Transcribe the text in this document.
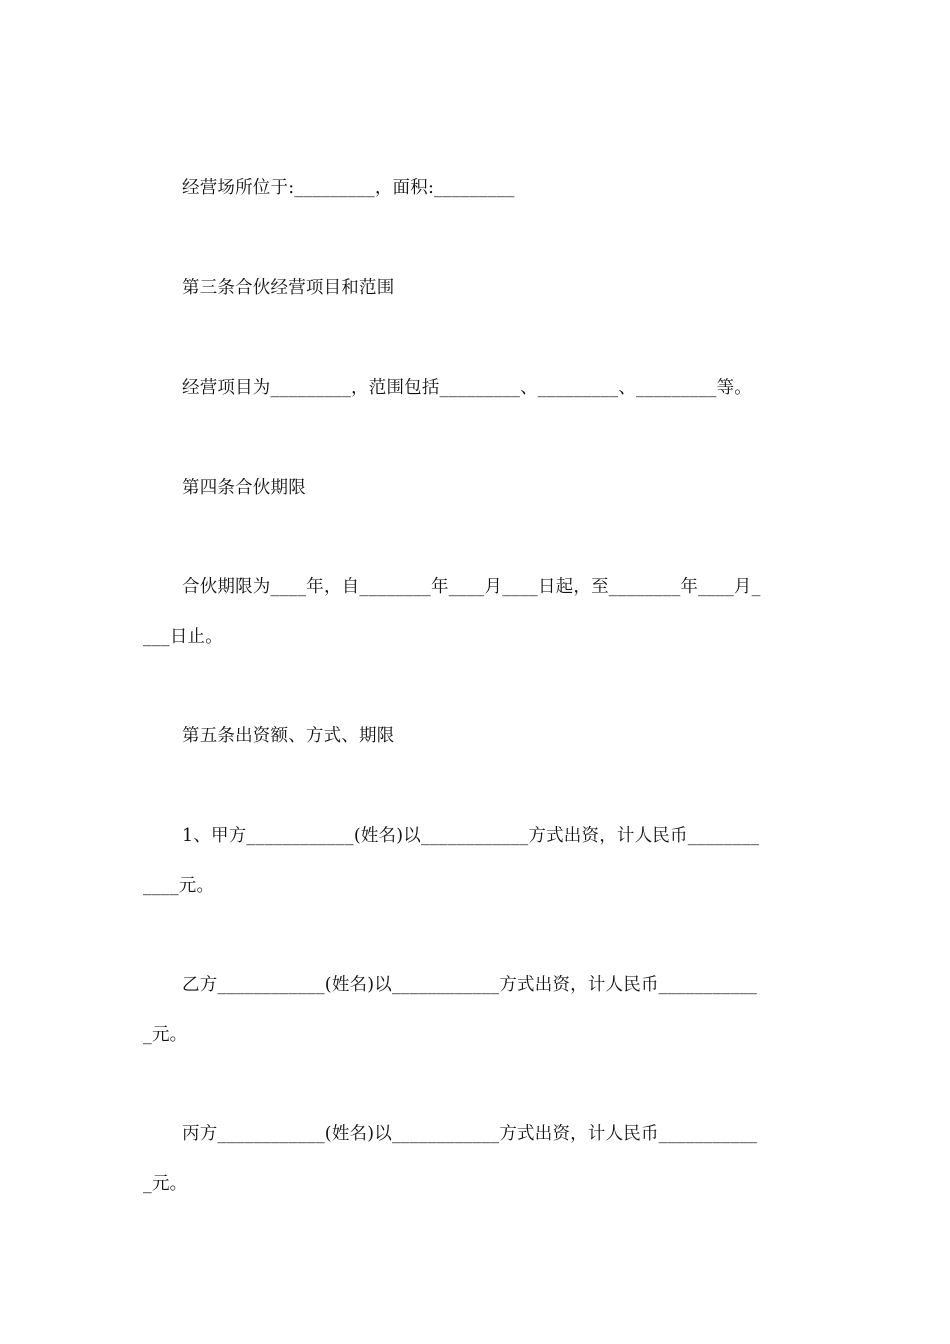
经营场所位于:_________，面积:_________
第三条合伙经营项目和范围
经营项目为_________，范围包括_________、_________、_________等。
第四条合伙期限
合伙期限为____年，自________年____月____日起，至________年____月_
___日止。
第五条出资额、方式、期限
1、甲方____________(姓名)以____________方式出资，计人民币________
____元。
乙方____________(姓名)以____________方式出资，计人民币___________
_元。
丙方____________(姓名)以____________方式出资，计人民币___________
_元。
